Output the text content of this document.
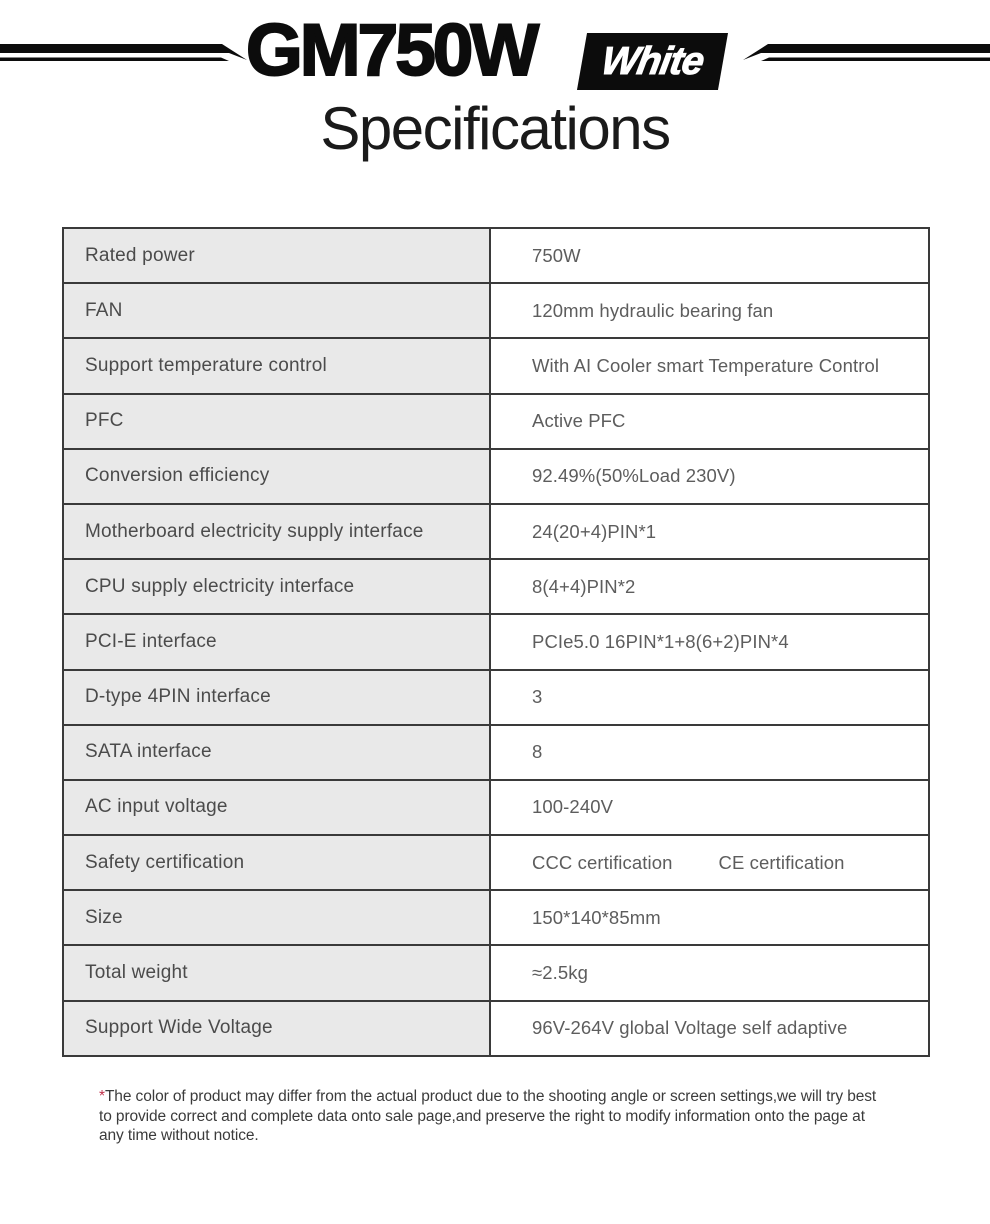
GM750W White
Specifications
Rated power	750W
FAN	120mm hydraulic bearing fan
Support temperature control	With AI Cooler smart Temperature Control
PFC	Active PFC
Conversion efficiency	92.49%(50%Load 230V)
Motherboard electricity supply interface	24(20+4)PIN*1
CPU supply electricity interface	8(4+4)PIN*2
PCI-E interface	PCIe5.0 16PIN*1+8(6+2)PIN*4
D-type 4PIN interface	3
SATA interface	8
AC input voltage	100-240V
Safety certification	CCC certification CE certification
Size	150*140*85mm
Total weight	≈2.5kg
Support Wide Voltage	96V-264V global Voltage self adaptive
*The color of product may differ from the actual product due to the shooting angle or screen settings,we will try best
to provide correct and complete data onto sale page,and preserve the right to modify information onto the page at
any time without notice.
